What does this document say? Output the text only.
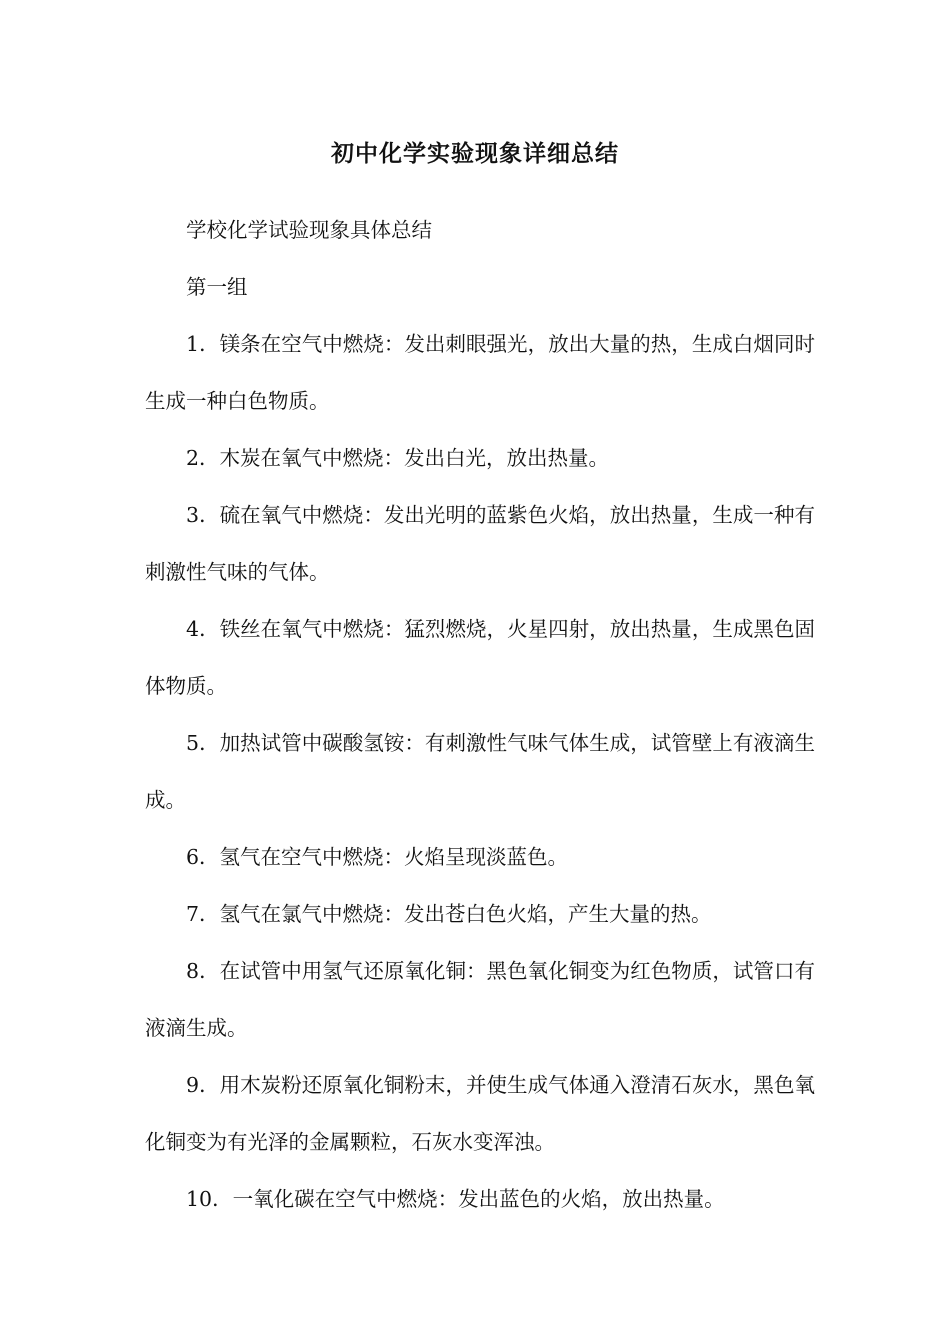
初中化学实验现象详细总结

学校化学试验现象具体总结

第一组

1．镁条在空气中燃烧：发出刺眼强光，放出大量的热，生成白烟同时生成一种白色物质。

2．木炭在氧气中燃烧：发出白光，放出热量。

3．硫在氧气中燃烧：发出光明的蓝紫色火焰，放出热量，生成一种有刺激性气味的气体。

4．铁丝在氧气中燃烧：猛烈燃烧，火星四射，放出热量，生成黑色固体物质。

5．加热试管中碳酸氢铵：有刺激性气味气体生成，试管壁上有液滴生成。

6．氢气在空气中燃烧：火焰呈现淡蓝色。

7．氢气在氯气中燃烧：发出苍白色火焰，产生大量的热。

8．在试管中用氢气还原氧化铜：黑色氧化铜变为红色物质，试管口有液滴生成。

9．用木炭粉还原氧化铜粉末，并使生成气体通入澄清石灰水，黑色氧化铜变为有光泽的金属颗粒，石灰水变浑浊。

10．一氧化碳在空气中燃烧：发出蓝色的火焰，放出热量。
